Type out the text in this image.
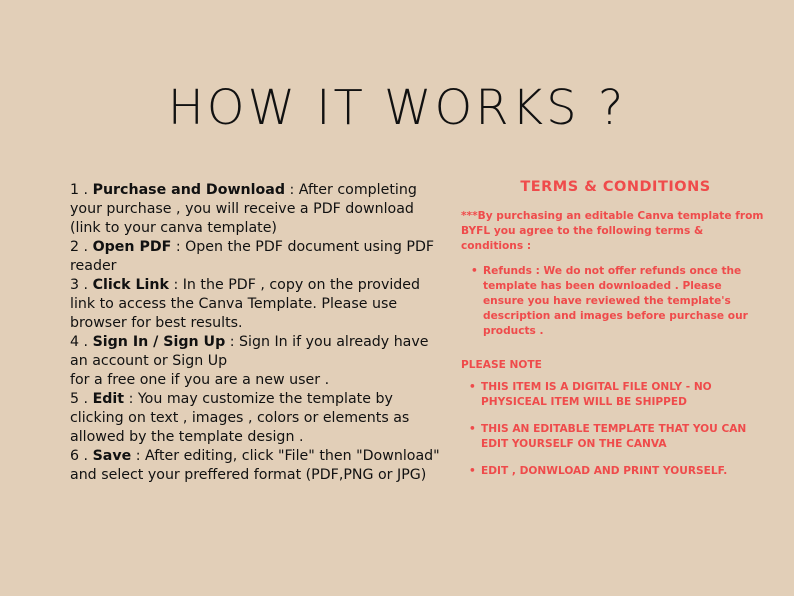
HOW IT WORKS ?

1 . Purchase and Download : After completing your purchase , you will receive a PDF download (link to your canva template)

2 . Open PDF : Open the PDF document using PDF reader

3 . Click Link : In the PDF , copy on the provided link to access the Canva Template. Please use browser for best results.

4 . Sign In / Sign Up : Sign In if you already have an account or Sign Up

for a free one if you are a new user .

5 . Edit : You may customize the template by clicking on text , images , colors or elements as allowed by the template design .

6 . Save : After editing, click "File" then "Download" and select your preffered format (PDF,PNG or JPG)

TERMS & CONDITIONS

***By purchasing an editable Canva template from BYFL you agree to the following terms & conditions :

• Refunds : We do not offer refunds once the template has been downloaded . Please ensure you have reviewed the template's description and images before purchase our products .

PLEASE NOTE

• THIS ITEM IS A DIGITAL FILE ONLY - NO PHYSICEAL ITEM WILL BE SHIPPED
• THIS AN EDITABLE TEMPLATE THAT YOU CAN EDIT YOURSELF ON THE CANVA
• EDIT , DONWLOAD AND PRINT YOURSELF.
